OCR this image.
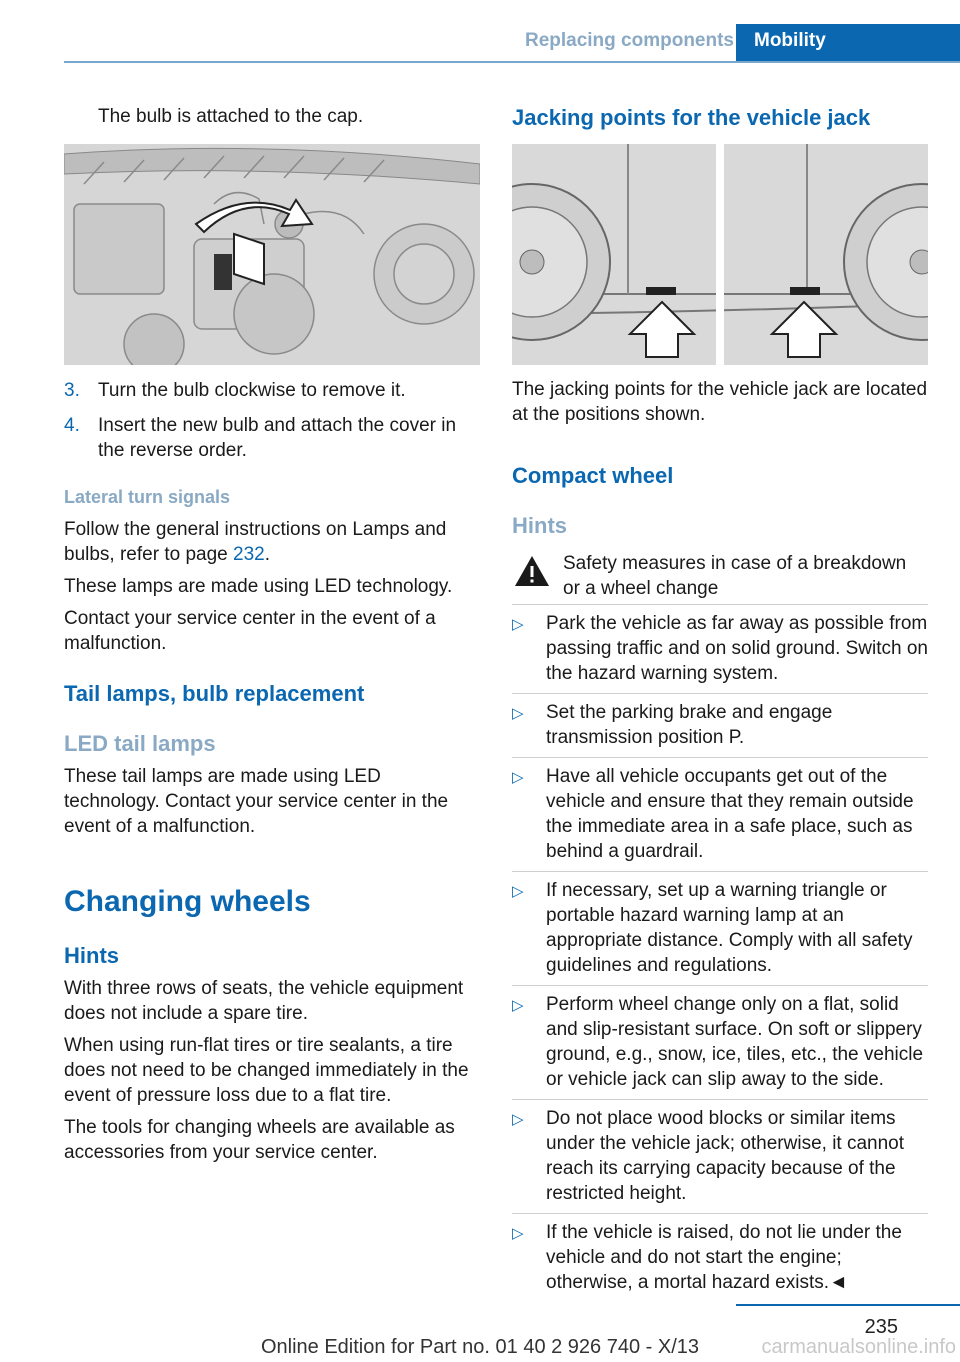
Replacing components	Mobility

The bulb is attached to the cap.

3. Turn the bulb clockwise to remove it.
4. Insert the new bulb and attach the cover in the reverse order.

Lateral turn signals

Follow the general instructions on Lamps and bulbs, refer to page 232.

These lamps are made using LED technology.

Contact your service center in the event of a malfunction.

Tail lamps, bulb replacement

LED tail lamps

These tail lamps are made using LED technology. Contact your service center in the event of a malfunction.

Changing wheels

Hints

With three rows of seats, the vehicle equipment does not include a spare tire.

When using run-flat tires or tire sealants, a tire does not need to be changed immediately in the event of pressure loss due to a flat tire.

The tools for changing wheels are available as accessories from your service center.

Jacking points for the vehicle jack

The jacking points for the vehicle jack are located at the positions shown.

Compact wheel

Hints

Safety measures in case of a breakdown or a wheel change

▷ Park the vehicle as far away as possible from passing traffic and on solid ground. Switch on the hazard warning system.
▷ Set the parking brake and engage transmission position P.
▷ Have all vehicle occupants get out of the vehicle and ensure that they remain outside the immediate area in a safe place, such as behind a guardrail.
▷ If necessary, set up a warning triangle or portable hazard warning lamp at an appropriate distance. Comply with all safety guidelines and regulations.
▷ Perform wheel change only on a flat, solid and slip-resistant surface. On soft or slippery ground, e.g., snow, ice, tiles, etc., the vehicle or vehicle jack can slip away to the side.
▷ Do not place wood blocks or similar items under the vehicle jack; otherwise, it cannot reach its carrying capacity because of the restricted height.
▷ If the vehicle is raised, do not lie under the vehicle and do not start the engine; otherwise, a mortal hazard exists.◄
235
Online Edition for Part no. 01 40 2 926 740 - X/13	carmanualsonline.info
